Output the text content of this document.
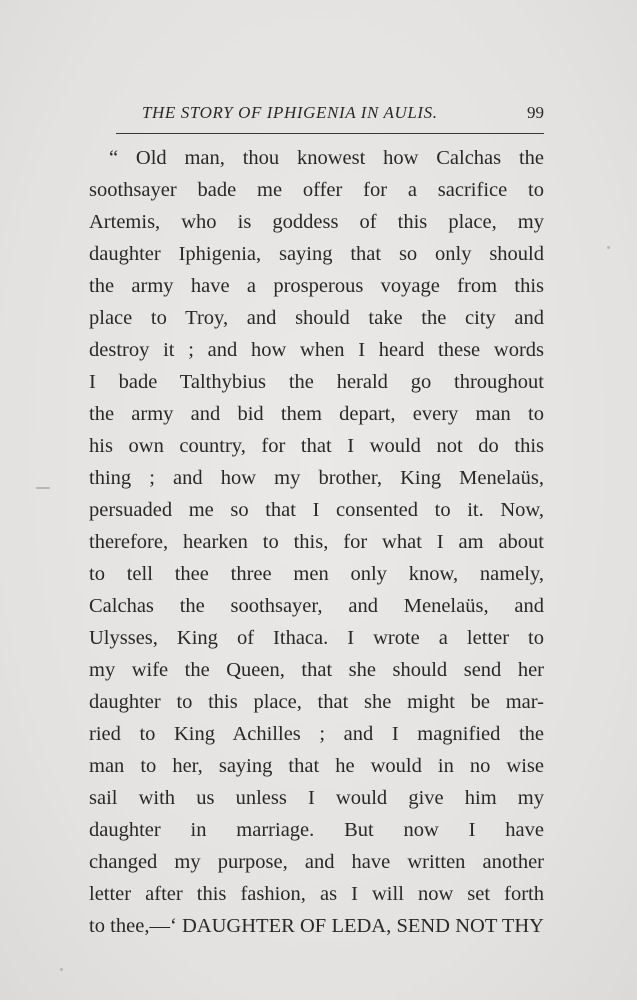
THE STORY OF IPHIGENIA IN AULIS.	99
“ Old man, thou knowest how Calchas the
soothsayer bade me offer for a sacrifice to
Artemis, who is goddess of this place, my
daughter Iphigenia, saying that so only should
the army have a prosperous voyage from this
place to Troy, and should take the city and
destroy it ; and how when I heard these words
I bade Talthybius the herald go throughout
the army and bid them depart, every man to
his own country, for that I would not do this
thing ; and how my brother, King Menelaüs,
persuaded me so that I consented to it. Now,
therefore, hearken to this, for what I am about
to tell thee three men only know, namely,
Calchas the soothsayer, and Menelaüs, and
Ulysses, King of Ithaca. I wrote a letter to
my wife the Queen, that she should send her
daughter to this place, that she might be mar-
ried to King Achilles ; and I magnified the
man to her, saying that he would in no wise
sail with us unless I would give him my
daughter in marriage. But now I have
changed my purpose, and have written another
letter after this fashion, as I will now set forth
to thee,—‘ DAUGHTER OF LEDA, SEND NOT THY
